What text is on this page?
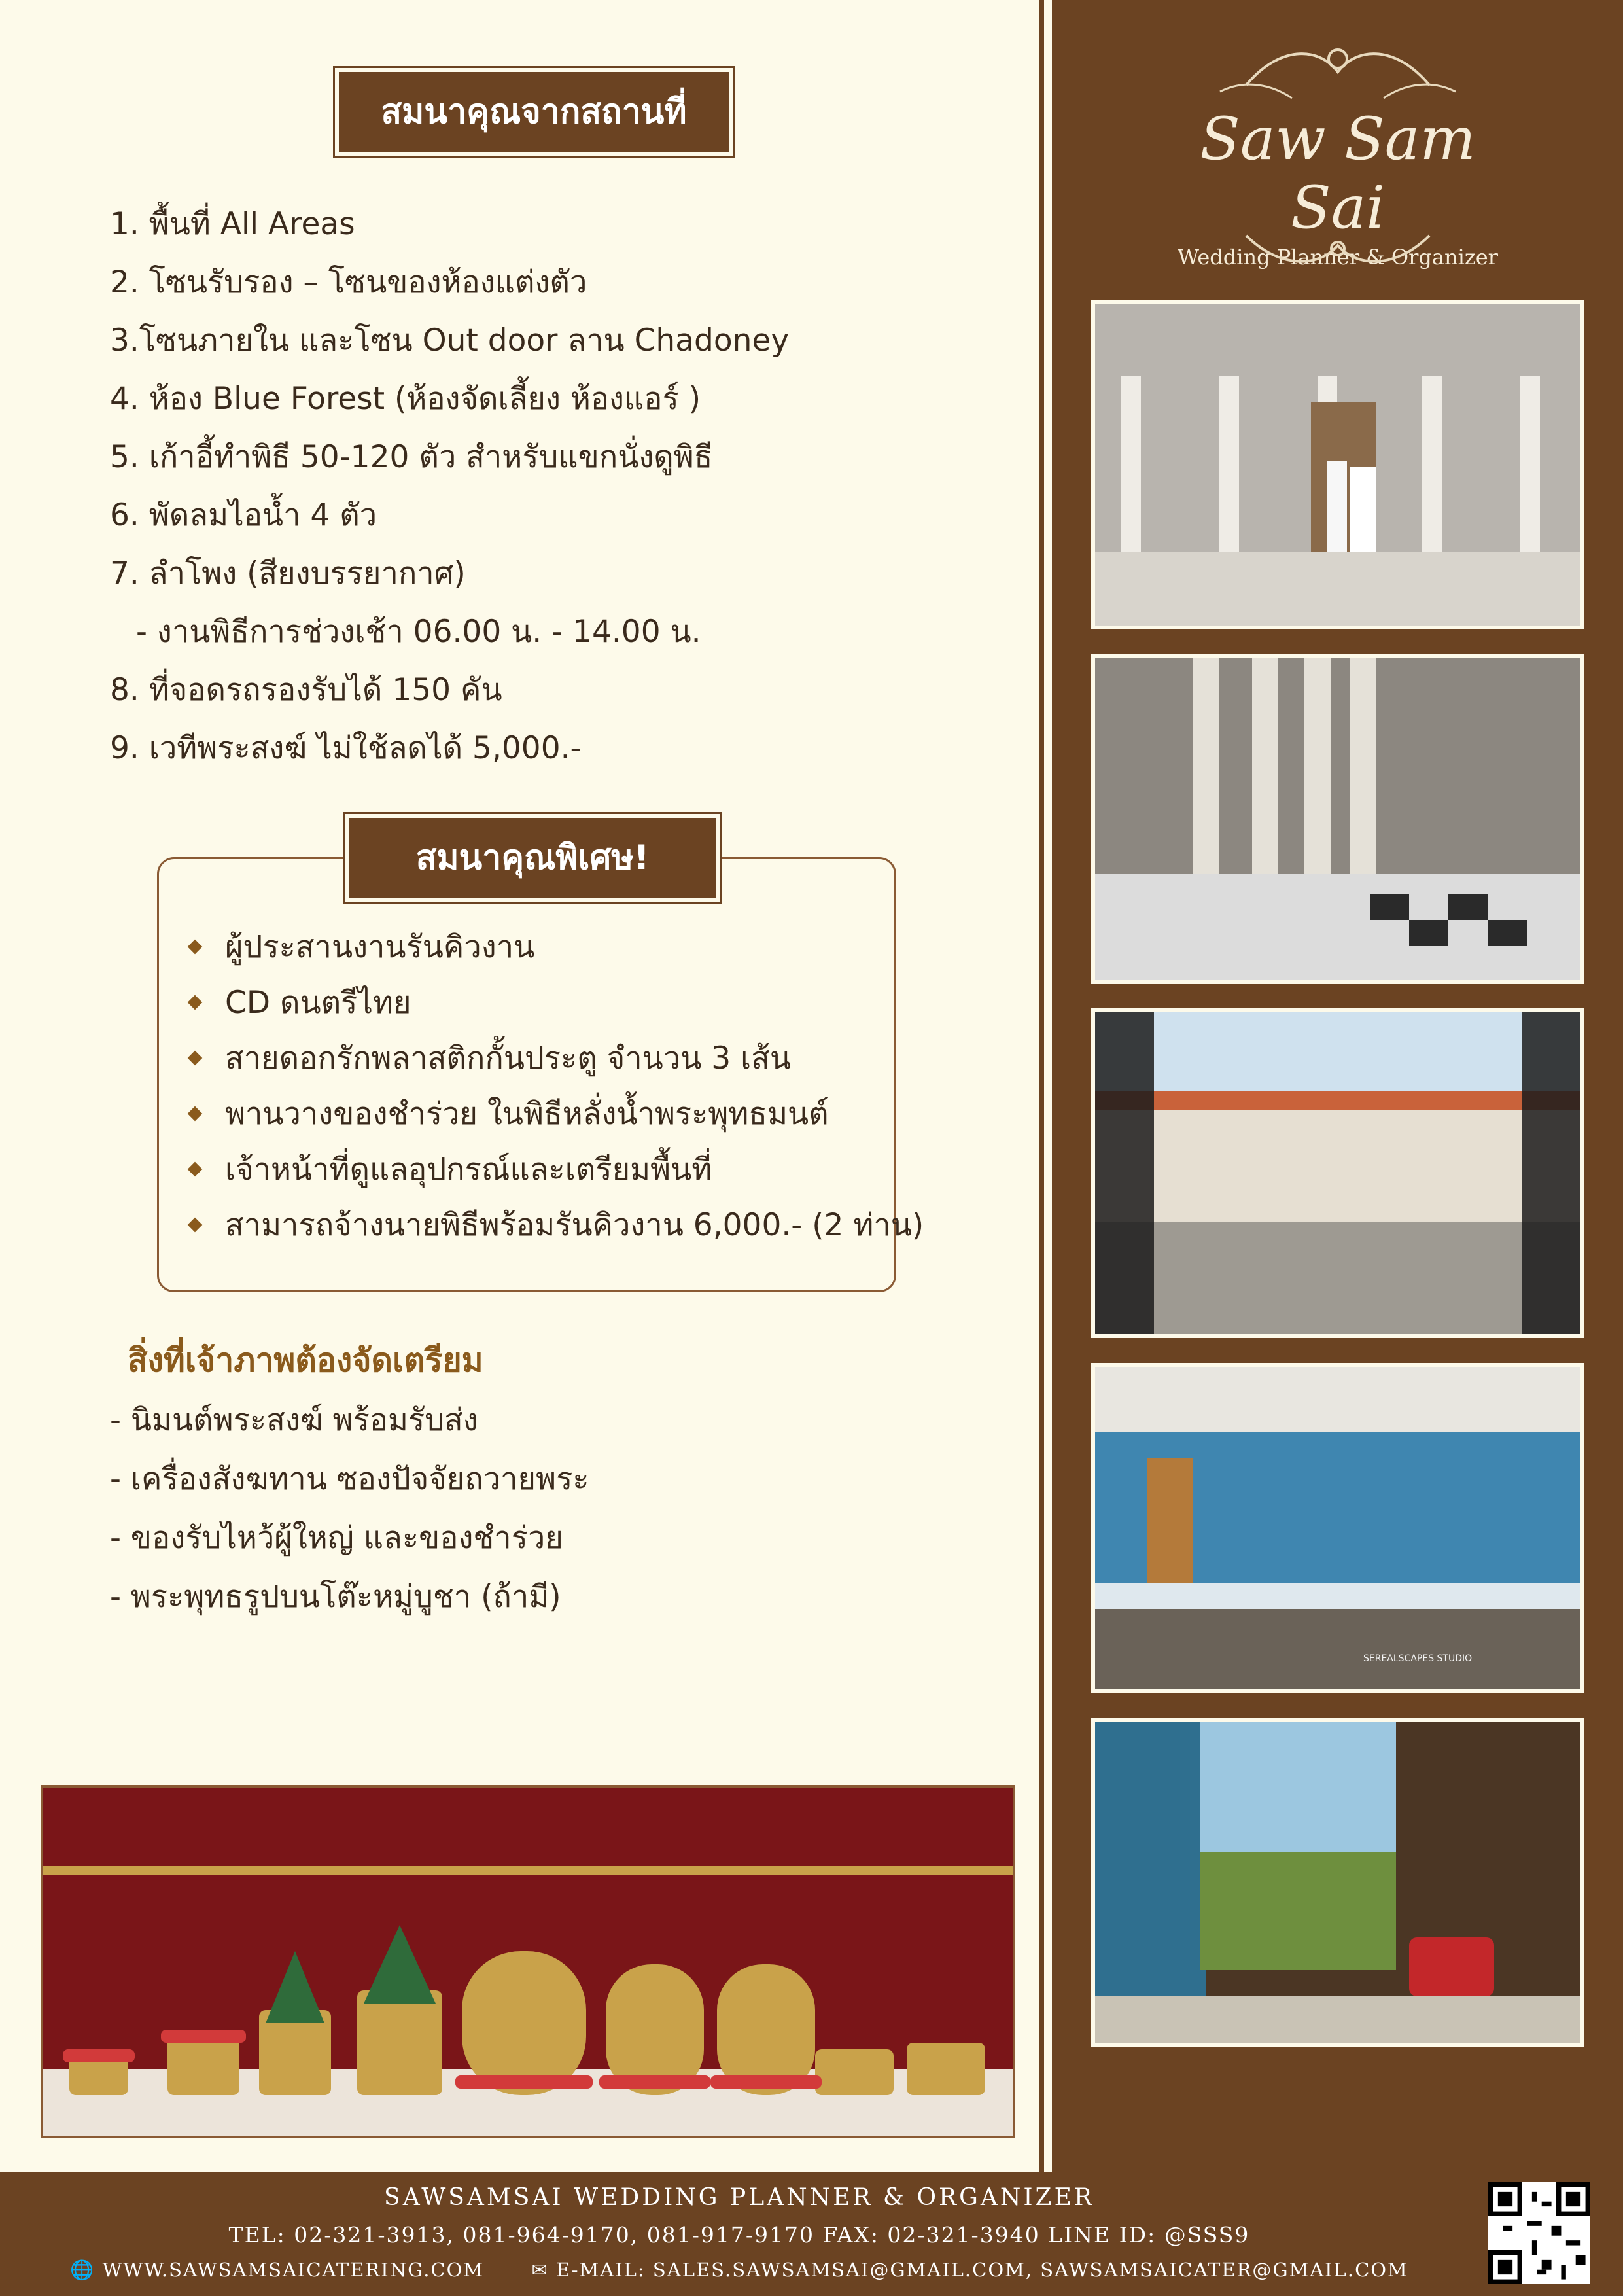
สมนาคุณจากสถานที่
1. พื้นที่ All Areas
2. โซนรับรอง – โซนของห้องแต่งตัว
3.โซนภายใน และโซน Out door ลาน Chadoney
4. ห้อง Blue Forest (ห้องจัดเลี้ยง ห้องแอร์ )
5. เก้าอี้ทำพิธี 50-120 ตัว สำหรับแขกนั่งดูพิธี
6. พัดลมไอน้ำ 4 ตัว
7. ลำโพง (สียงบรรยากาศ)
- งานพิธีการช่วงเช้า 06.00 น. - 14.00 น.
8. ที่จอดรถรองรับได้ 150 คัน
9. เวทีพระสงฆ์ ไม่ใช้ลดได้ 5,000.-
สมนาคุณพิเศษ!
ผู้ประสานงานรันคิวงาน
CD ดนตรีไทย
สายดอกรักพลาสติกกั้นประตู จำนวน 3 เส้น
พานวางของชำร่วย ในพิธีหลั่งน้ำพระพุทธมนต์
เจ้าหน้าที่ดูแลอุปกรณ์และเตรียมพื้นที่
สามารถจ้างนายพิธีพร้อมรันคิวงาน 6,000.- (2 ท่าน)
สิ่งที่เจ้าภาพต้องจัดเตรียม
- นิมนต์พระสงฆ์ พร้อมรับส่ง
- เครื่องสังฆทาน ซองปัจจัยถวายพระ
- ของรับไหว้ผู้ใหญ่ และของชำร่วย
- พระพุทธรูปบนโต๊ะหมู่บูชา (ถ้ามี)
Saw Sam Sai
Wedding Planner & Organizer
SEREALSCAPES STUDIO
SAWSAMSAI WEDDING PLANNER & ORGANIZER
TEL: 02-321-3913, 081-964-9170, 081-917-9170 FAX: 02-321-3940 LINE ID: @SSS9
🌐 WWW.SAWSAMSAICATERING.COM ✉ E-MAIL: SALES.SAWSAMSAI@GMAIL.COM, SAWSAMSAICATER@GMAIL.COM
